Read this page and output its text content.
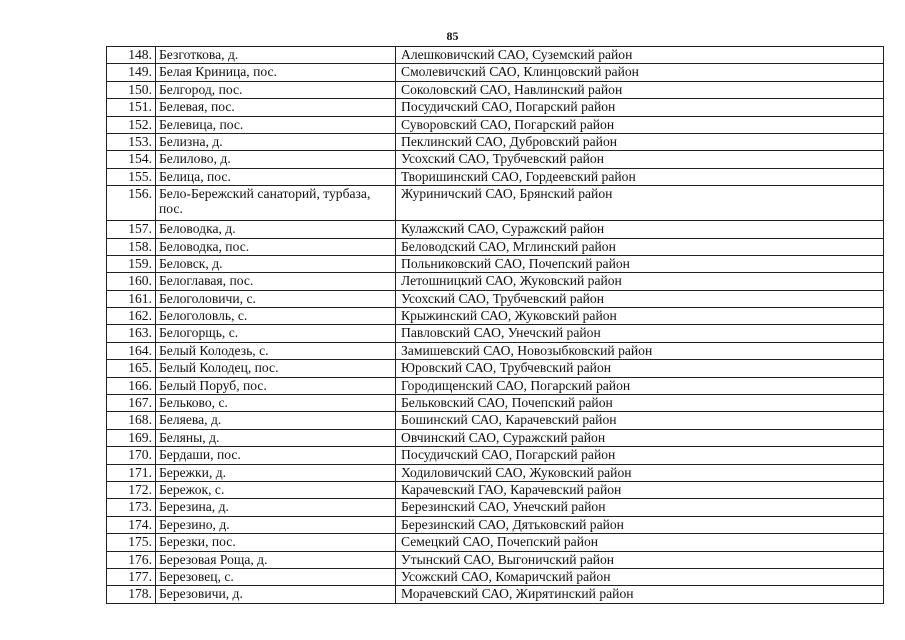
85
148.	Безготкова, д.	Алешковичский САО, Суземский район
149.	Белая Криница, пос.	Смолевичский САО, Клинцовский район
150.	Белгород, пос.	Соколовский САО, Навлинский район
151.	Белевая, пос.	Посудичский САО, Погарский район
152.	Белевица, пос.	Суворовский САО, Погарский район
153.	Белизна, д.	Пеклинский САО, Дубровский район
154.	Белилово, д.	Усохский САО, Трубчевский район
155.	Белица, пос.	Творишинский САО, Гордеевский район
156.	Бело-Бережский санаторий, турбаза, пос.	Журиничский САО, Брянский район
157.	Беловодка, д.	Кулажский САО, Суражский район
158.	Беловодка, пос.	Беловодский САО, Мглинский район
159.	Беловск, д.	Польниковский САО, Почепский район
160.	Белоглавая, пос.	Летошницкий САО, Жуковский район
161.	Белоголовичи, с.	Усохский САО, Трубчевский район
162.	Белоголовль, с.	Крыжинский САО, Жуковский район
163.	Белогорщь, с.	Павловский САО, Унечский район
164.	Белый Колодезь, с.	Замишевский САО, Новозыбковский район
165.	Белый Колодец, пос.	Юровский САО, Трубчевский район
166.	Белый Поруб, пос.	Городищенский САО, Погарский район
167.	Бельково, с.	Бельковский САО, Почепский район
168.	Беляева, д.	Бошинский САО, Карачевский район
169.	Беляны, д.	Овчинский САО, Суражский район
170.	Бердаши, пос.	Посудичский САО, Погарский район
171.	Бережки, д.	Ходиловичский САО, Жуковский район
172.	Бережок, с.	Карачевский ГАО, Карачевский район
173.	Березина, д.	Березинский САО, Унечский район
174.	Березино, д.	Березинский САО, Дятьковский район
175.	Березки, пос.	Семецкий САО, Почепский район
176.	Березовая Роща, д.	Утынский САО, Выгоничский район
177.	Березовец, с.	Усожский САО, Комаричский район
178.	Березовичи, д.	Морачевский САО, Жирятинский район
